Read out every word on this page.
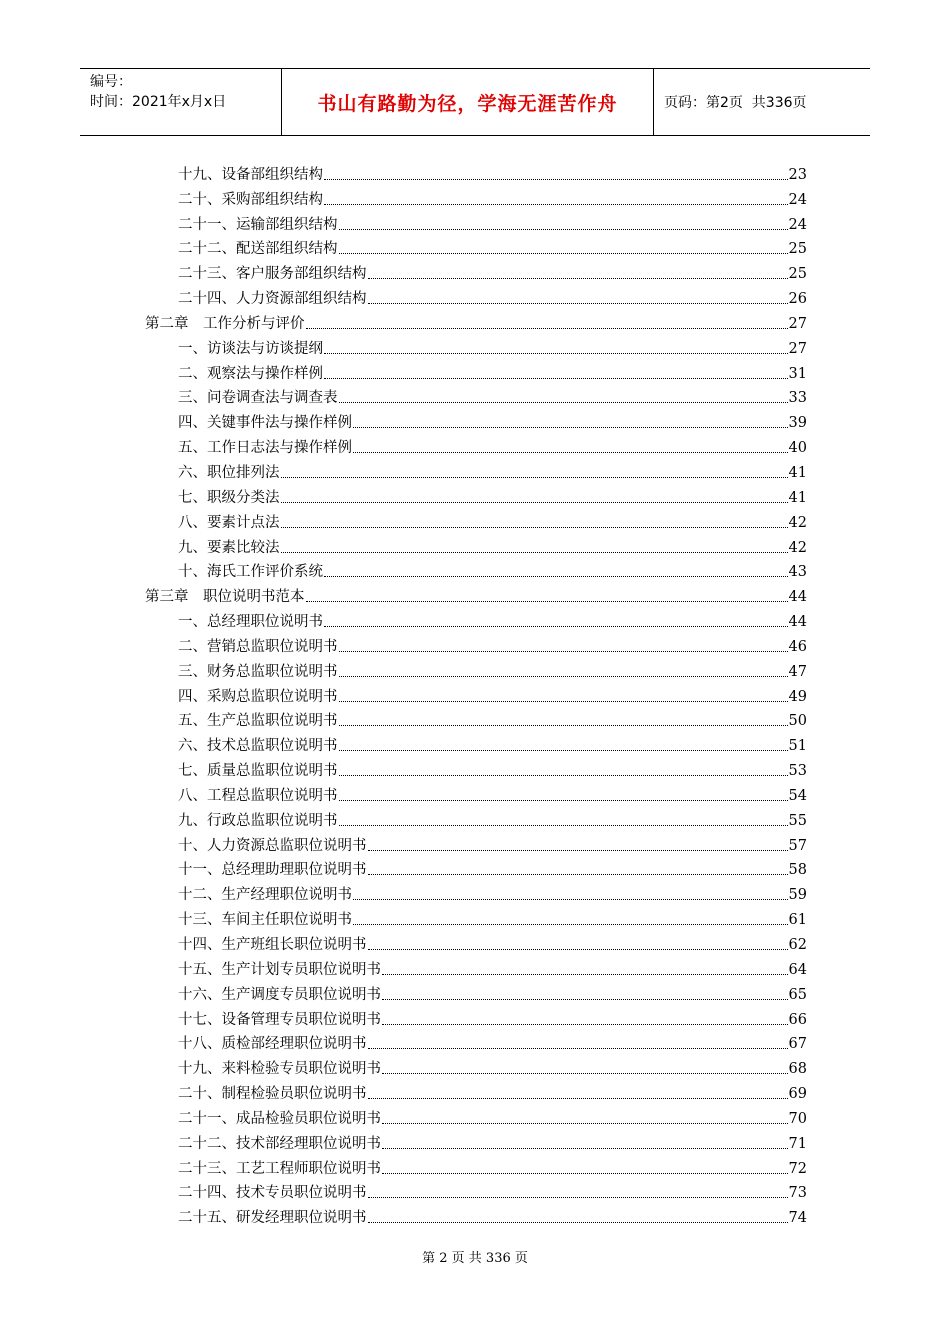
编号：
时间：2021年x月x日	书山有路勤为径，学海无涯苦作舟	页码：第2页  共336页
十九、设备部组织结构	23
二十、采购部组织结构	24
二十一、运输部组织结构	24
二十二、配送部组织结构	25
二十三、客户服务部组织结构	25
二十四、人力资源部组织结构	26
第二章　工作分析与评价	27
一、访谈法与访谈提纲	27
二、观察法与操作样例	31
三、问卷调查法与调查表	33
四、关键事件法与操作样例	39
五、工作日志法与操作样例	40
六、职位排列法	41
七、职级分类法	41
八、要素计点法	42
九、要素比较法	42
十、海氏工作评价系统	43
第三章　职位说明书范本	44
一、总经理职位说明书	44
二、营销总监职位说明书	46
三、财务总监职位说明书	47
四、采购总监职位说明书	49
五、生产总监职位说明书	50
六、技术总监职位说明书	51
七、质量总监职位说明书	53
八、工程总监职位说明书	54
九、行政总监职位说明书	55
十、人力资源总监职位说明书	57
十一、总经理助理职位说明书	58
十二、生产经理职位说明书	59
十三、车间主任职位说明书	61
十四、生产班组长职位说明书	62
十五、生产计划专员职位说明书	64
十六、生产调度专员职位说明书	65
十七、设备管理专员职位说明书	66
十八、质检部经理职位说明书	67
十九、来料检验专员职位说明书	68
二十、制程检验员职位说明书	69
二十一、成品检验员职位说明书	70
二十二、技术部经理职位说明书	71
二十三、工艺工程师职位说明书	72
二十四、技术专员职位说明书	73
二十五、研发经理职位说明书	74
第 2 页 共 336 页
